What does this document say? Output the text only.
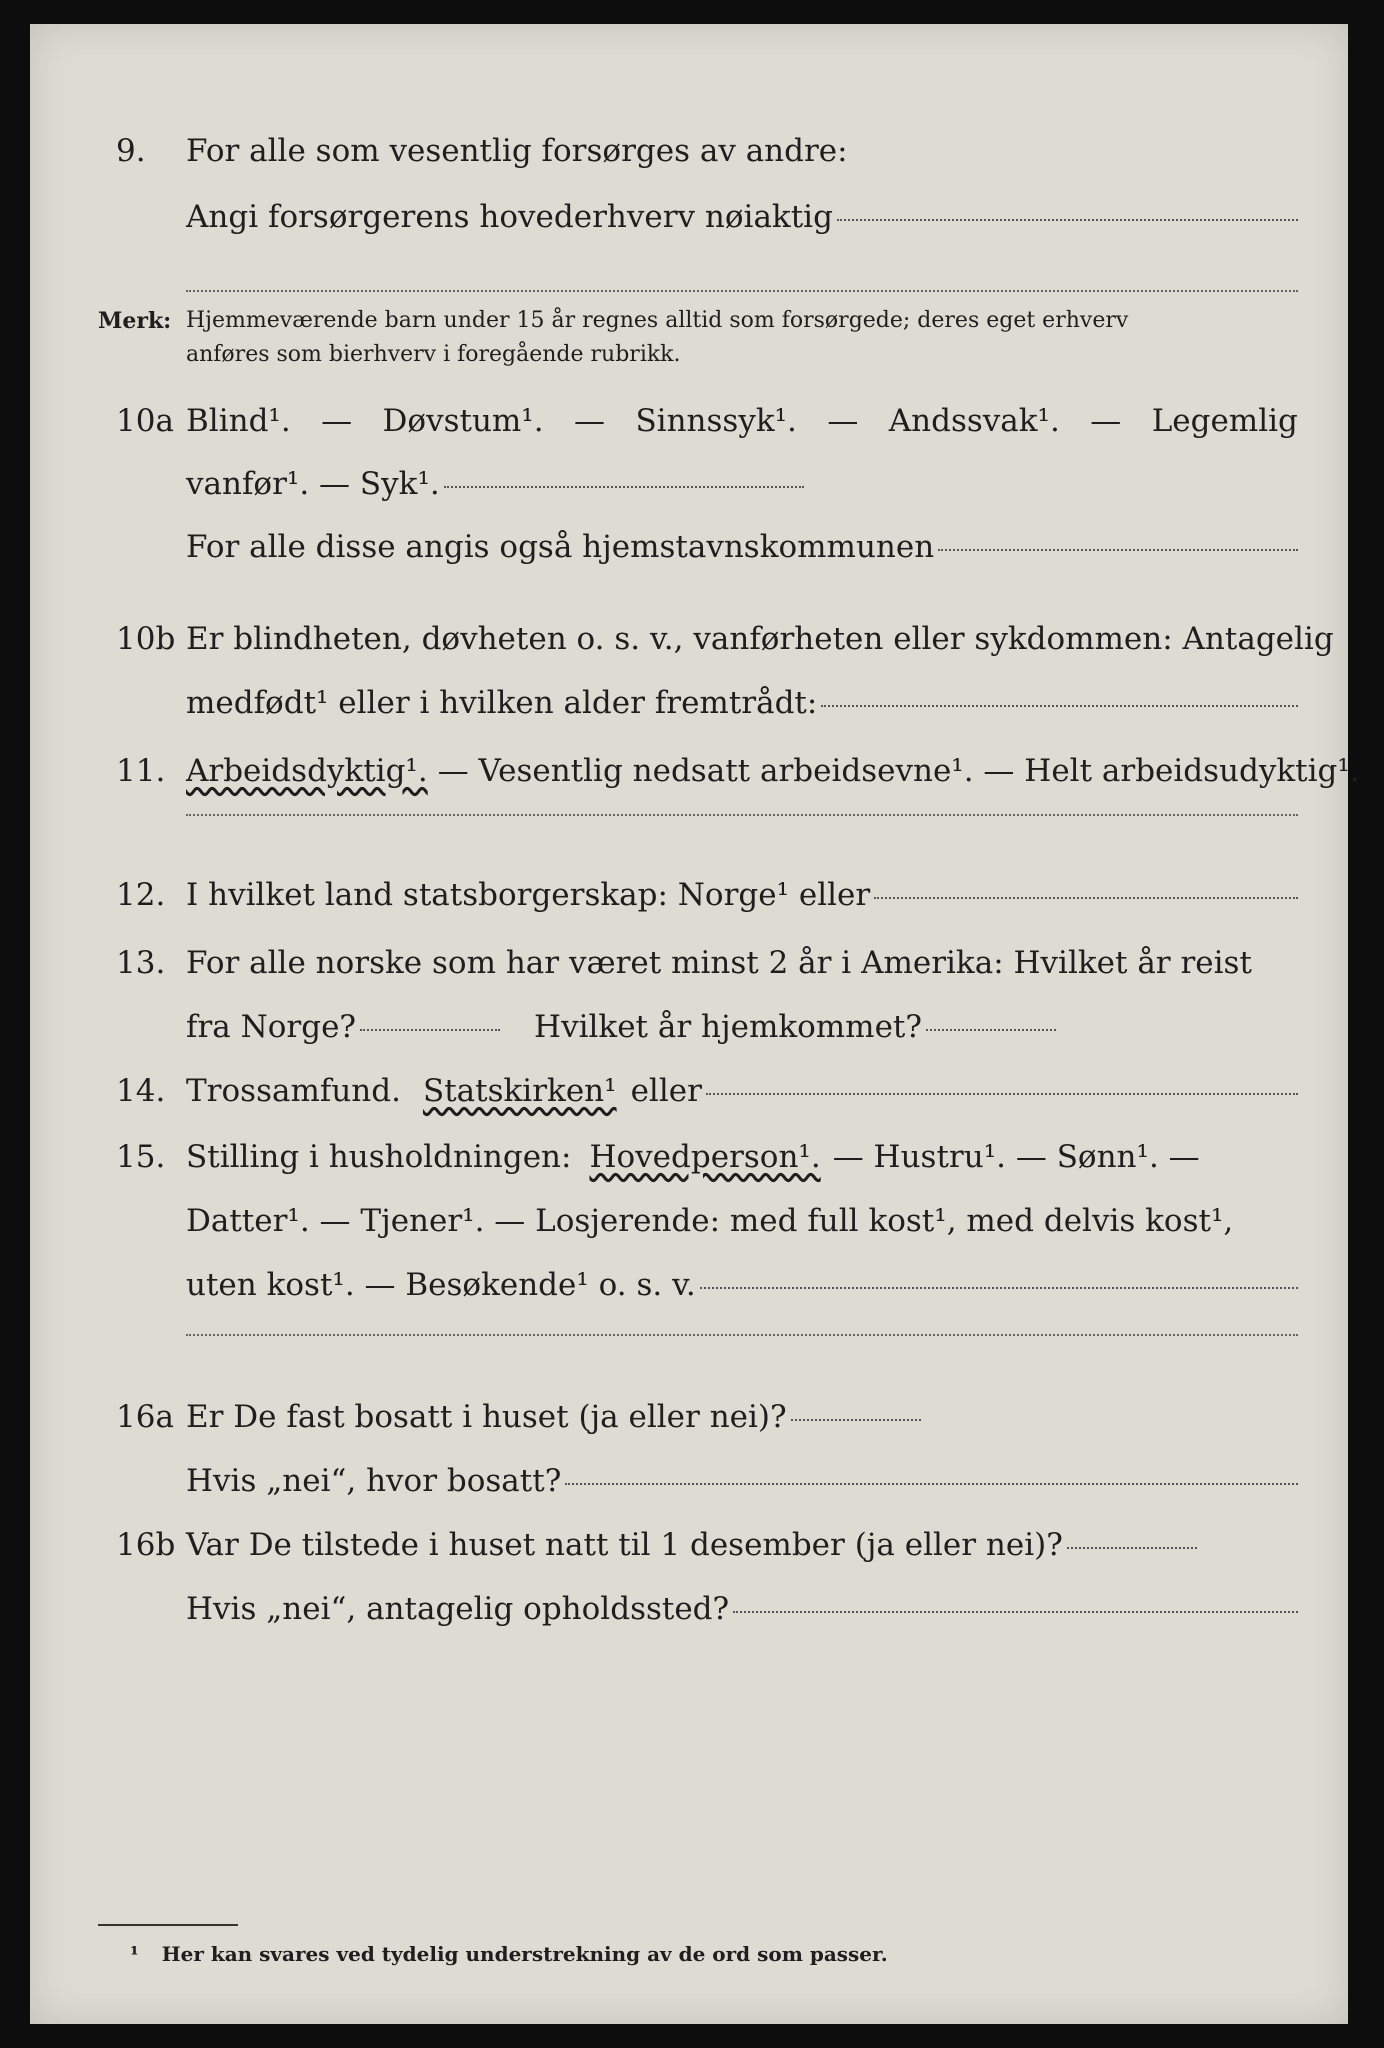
9. For alle som vesentlig forsørges av andre:
Angi forsørgerens hovederhverv nøiaktig
Merk: Hjemmeværende barn under 15 år regnes alltid som forsørgede; deres eget erhverv
anføres som bierhverv i foregående rubrikk.
10a Blind¹. — Døvstum¹. — Sinnssyk¹. — Andssvak¹. — Legemlig
vanfør¹. — Syk¹.
For alle disse angis også hjemstavnskommunen
10b Er blindheten, døvheten o. s. v., vanførheten eller sykdommen: Antagelig
medfødt¹ eller i hvilken alder fremtrådt:
11. Arbeidsdyktig¹. — Vesentlig nedsatt arbeidsevne¹. — Helt arbeidsudyktig¹.
12. I hvilket land statsborgerskap: Norge¹ eller
13. For alle norske som har været minst 2 år i Amerika: Hvilket år reist
fra Norge?	Hvilket år hjemkommet?
14. Trossamfund. Statskirken¹ eller
15. Stilling i husholdningen: Hovedperson¹. — Hustru¹. — Sønn¹. —
Datter¹. — Tjener¹. — Losjerende: med full kost¹, med delvis kost¹,
uten kost¹. — Besøkende¹ o. s. v.
16a Er De fast bosatt i huset (ja eller nei)?
Hvis „nei“, hvor bosatt?
16b Var De tilstede i huset natt til 1 desember (ja eller nei)?
Hvis „nei“, antagelig opholdssted?
¹ Her kan svares ved tydelig understrekning av de ord som passer.
